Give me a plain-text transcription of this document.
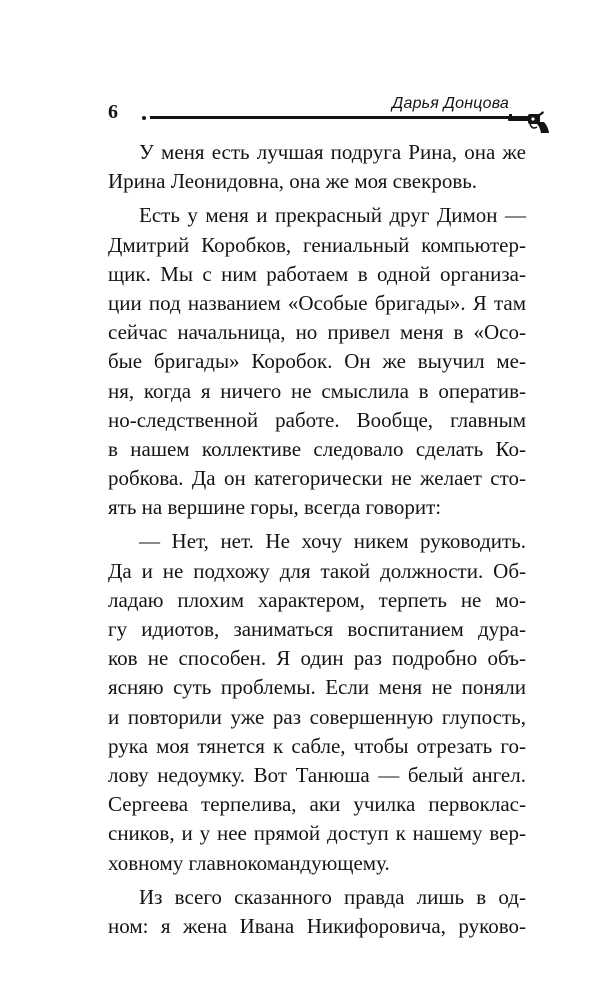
6	Дарья Донцова
У меня есть лучшая подруга Рина, она же
Ирина Леонидовна, она же моя свекровь.
Есть у меня и прекрасный друг Димон —
Дмитрий Коробков, гениальный компьютер-
щик. Мы с ним работаем в одной организа-
ции под названием «Особые бригады». Я там
сейчас начальница, но привел меня в «Осо-
бые бригады» Коробок. Он же выучил ме-
ня, когда я ничего не смыслила в оператив-
но-следственной работе. Вообще, главным
в нашем коллективе следовало сделать Ко-
робкова. Да он категорически не желает сто-
ять на вершине горы, всегда говорит:
— Нет, нет. Не хочу никем руководить.
Да и не подхожу для такой должности. Об-
ладаю плохим характером, терпеть не мо-
гу идиотов, заниматься воспитанием дура-
ков не способен. Я один раз подробно объ-
ясняю суть проблемы. Если меня не поняли
и повторили уже раз совершенную глупость,
рука моя тянется к сабле, чтобы отрезать го-
лову недоумку. Вот Танюша — белый ангел.
Сергеева терпелива, аки училка первоклас-
сников, и у нее прямой доступ к нашему вер-
ховному главнокомандующему.
Из всего сказанного правда лишь в од-
ном: я жена Ивана Никифоровича, руково-
